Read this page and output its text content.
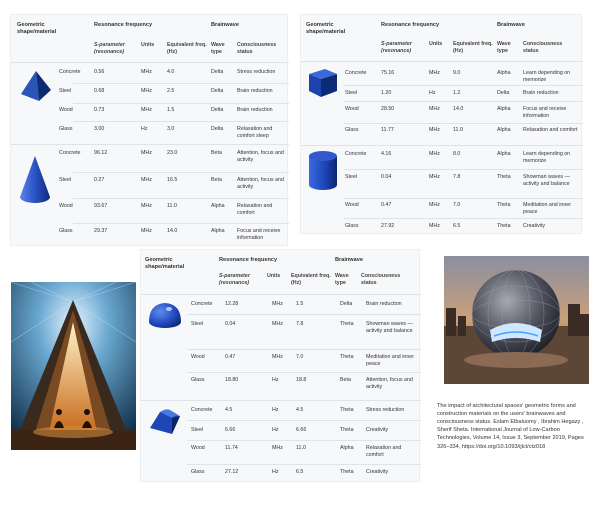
Geometric shape/material
Resonance frequency	Brainwave
S-parameter (resonance)
Units Equivalent freq. (Hz)
Wave type
Consciousness status
Concrete	0.56	MHz	4.0	Delta	Stress reduction
Steel	0.68	MHz	2.5	Delta	Brain reduction
Wood	0.73	MHz	1.5	Delta	Brain reduction
Glass	3.00	Hz	3.0	Delta	Relaxation and comfort sleep
Concrete	96.12	MHz	23.0	Beta	Attention, focus and activity
Steel	0.27	MHz	16.5	Beta	Attention, focus and activity
Wood	93.67	MHz	11.0	Alpha Relaxation and comfort
Glass	29.37	MHz	14.0	Alpha Focus and receive information
Geometric shape/material
Resonance frequency	Brainwave
S-parameter (resonance)
Units Equivalent freq. (Hz)
Wave type
Consciousness status
Concrete	75.16	MHz 9.0	Alpha Learn depending on memorize
Steel	1.20	Hz	1.2	Delta	Brain reduction
Wood	28.50	MHz 14.0	Alpha Focus and receive information
Glass	11.77	MHz 11.0	Alpha Relaxation and comfort
Concrete	4.16	MHz 8.0	Alpha Learn depending on memorize
Steel	0.04	MHz 7.8	Theta Showman waves —activity and balance
Wood	0.47	MHz 7.0	Theta Meditation and inner peace
Glass	27.92	MHz 6.5	Theta Creativity
Geometric shape/material
Resonance frequency	Brainwave
S-parameter (resonance)
Units Equivalent freq. (Hz)
Wave type
Consciousness status
Concrete 12.28	MHz 1.5	Delta	Brain reduction
Steel	0.04	MHz 7.8	Theta Showman waves —activity and balance
Wood	0.47	MHz 7.0	Theta Meditation and inner peace
Glass	18.80	Hz	18.8	Beta	Attention, focus and activity
Concrete 4.5	Hz	4.5	Theta Stress reduction
Steel	6.66	Hz	6.66	Theta Creativity
Wood	11.74	MHz 11.0	Alpha Relaxation and comfort
Glass	27.12	Hz	6.5	Theta Creativity
The impact of architectural spaces' geometric forms and construction materials on the users' brainwaves and consciousness status. Eslam Elbaiuomy , Ibrahim Hegazy , Sherif Sheta. International Journal of Low-Carbon Technologies, Volume 14, Issue 3, September 2019, Pages 326–334, https://doi.org/10.1093/ijlct/ctz018
